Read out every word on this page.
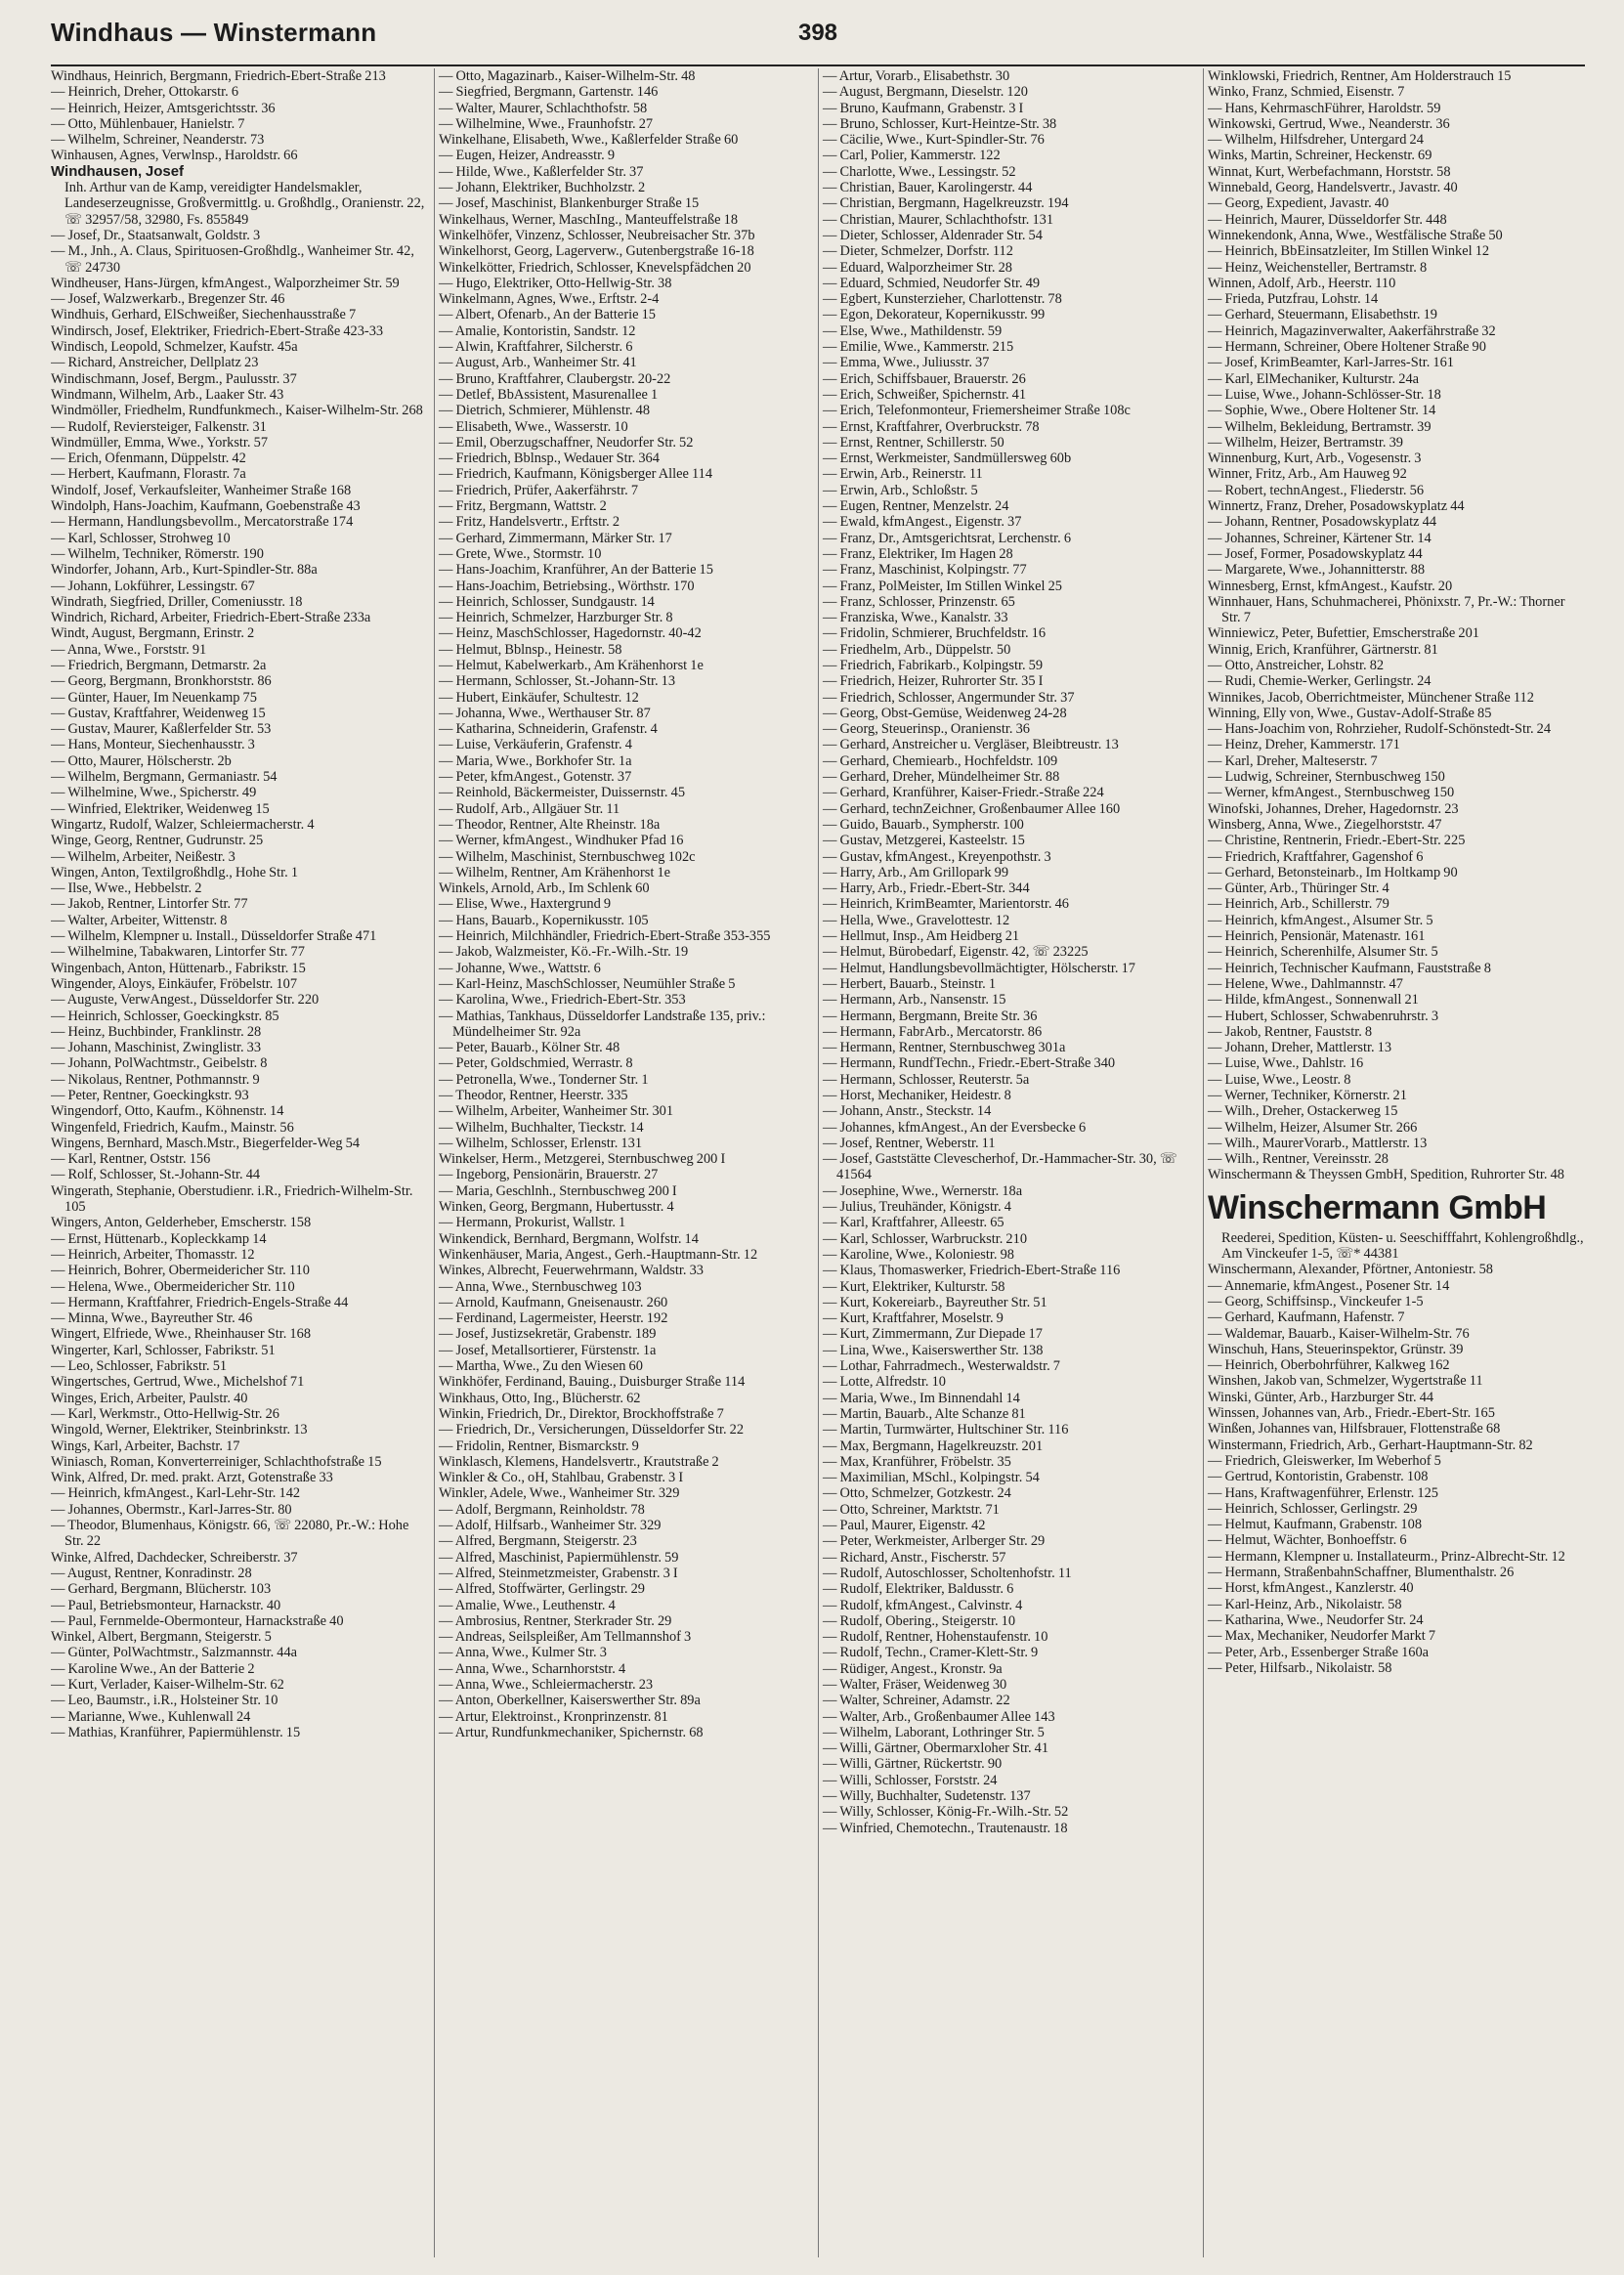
Windhaus — Winstermann	398

Windhaus, Heinrich, Bergmann, Friedrich-Ebert-Straße 213

— Heinrich, Dreher, Ottokarstr. 6

— Heinrich, Heizer, Amtsgerichtsstr. 36

— Otto, Mühlenbauer, Hanielstr. 7

— Wilhelm, Schreiner, Neanderstr. 73

Winhausen, Agnes, Verwlnsp., Haroldstr. 66

Windhausen, Josef

Inh. Arthur van de Kamp, vereidigter Handelsmakler, Landeserzeugnisse, Großvermittlg. u. Großhdlg., Oranienstr. 22, ☏ 32957/58, 32980, Fs. 855849

— Josef, Dr., Staatsanwalt, Goldstr. 3

— M., Jnh., A. Claus, Spirituosen-Großhdlg., Wanheimer Str. 42, ☏ 24730

Windheuser, Hans-Jürgen, kfmAngest., Walporzheimer Str. 59

— Josef, Walzwerkarb., Bregenzer Str. 46

Windhuis, Gerhard, ElSchweißer, Siechenhausstraße 7

Windirsch, Josef, Elektriker, Friedrich-Ebert-Straße 423-33

Windisch, Leopold, Schmelzer, Kaufstr. 45a

— Richard, Anstreicher, Dellplatz 23

Windischmann, Josef, Bergm., Paulusstr. 37

Windmann, Wilhelm, Arb., Laaker Str. 43

Windmöller, Friedhelm, Rundfunkmech., Kaiser-Wilhelm-Str. 268

— Rudolf, Reviersteiger, Falkenstr. 31

Windmüller, Emma, Wwe., Yorkstr. 57

— Erich, Ofenmann, Düppelstr. 42

— Herbert, Kaufmann, Florastr. 7a

Windolf, Josef, Verkaufsleiter, Wanheimer Straße 168

Windolph, Hans-Joachim, Kaufmann, Goebenstraße 43

— Hermann, Handlungsbevollm., Mercatorstraße 174

— Karl, Schlosser, Strohweg 10

— Wilhelm, Techniker, Römerstr. 190

Windorfer, Johann, Arb., Kurt-Spindler-Str. 88a

— Johann, Lokführer, Lessingstr. 67

Windrath, Siegfried, Driller, Comeniusstr. 18

Windrich, Richard, Arbeiter, Friedrich-Ebert-Straße 233a

Windt, August, Bergmann, Erinstr. 2

— Anna, Wwe., Forststr. 91

— Friedrich, Bergmann, Detmarstr. 2a

— Georg, Bergmann, Bronkhorststr. 86

— Günter, Hauer, Im Neuenkamp 75

— Gustav, Kraftfahrer, Weidenweg 15

— Gustav, Maurer, Kaßlerfelder Str. 53

— Hans, Monteur, Siechenhausstr. 3

— Otto, Maurer, Hölscherstr. 2b

— Wilhelm, Bergmann, Germaniastr. 54

— Wilhelmine, Wwe., Spicherstr. 49

— Winfried, Elektriker, Weidenweg 15

Wingartz, Rudolf, Walzer, Schleiermacherstr. 4

Winge, Georg, Rentner, Gudrunstr. 25

— Wilhelm, Arbeiter, Neißestr. 3

Wingen, Anton, Textilgroßhdlg., Hohe Str. 1

— Ilse, Wwe., Hebbelstr. 2

— Jakob, Rentner, Lintorfer Str. 77

— Walter, Arbeiter, Wittenstr. 8

— Wilhelm, Klempner u. Install., Düsseldorfer Straße 471

— Wilhelmine, Tabakwaren, Lintorfer Str. 77

Wingenbach, Anton, Hüttenarb., Fabrikstr. 15

Wingender, Aloys, Einkäufer, Fröbelstr. 107

— Auguste, VerwAngest., Düsseldorfer Str. 220

— Heinrich, Schlosser, Goeckingkstr. 85

— Heinz, Buchbinder, Franklinstr. 28

— Johann, Maschinist, Zwinglistr. 33

— Johann, PolWachtmstr., Geibelstr. 8

— Nikolaus, Rentner, Pothmannstr. 9

— Peter, Rentner, Goeckingkstr. 93

Wingendorf, Otto, Kaufm., Köhnenstr. 14

Wingenfeld, Friedrich, Kaufm., Mainstr. 56

Wingens, Bernhard, Masch.Mstr., Biegerfelder-Weg 54

— Karl, Rentner, Oststr. 156

— Rolf, Schlosser, St.-Johann-Str. 44

Wingerath, Stephanie, Oberstudienr. i.R., Friedrich-Wilhelm-Str. 105

Wingers, Anton, Gelderheber, Emscherstr. 158

— Ernst, Hüttenarb., Kopleckkamp 14

— Heinrich, Arbeiter, Thomasstr. 12

— Heinrich, Bohrer, Obermeidericher Str. 110

— Helena, Wwe., Obermeidericher Str. 110

— Hermann, Kraftfahrer, Friedrich-Engels-Straße 44

— Minna, Wwe., Bayreuther Str. 46

Wingert, Elfriede, Wwe., Rheinhauser Str. 168

Wingerter, Karl, Schlosser, Fabrikstr. 51

— Leo, Schlosser, Fabrikstr. 51

Wingertsches, Gertrud, Wwe., Michelshof 71

Winges, Erich, Arbeiter, Paulstr. 40

— Karl, Werkmstr., Otto-Hellwig-Str. 26

Wingold, Werner, Elektriker, Steinbrinkstr. 13

Wings, Karl, Arbeiter, Bachstr. 17

Winiasch, Roman, Konverterreiniger, Schlachthofstraße 15

Wink, Alfred, Dr. med. prakt. Arzt, Gotenstraße 33

— Heinrich, kfmAngest., Karl-Lehr-Str. 142

— Johannes, Obermstr., Karl-Jarres-Str. 80

— Theodor, Blumenhaus, Königstr. 66, ☏ 22080, Pr.-W.: Hohe Str. 22

Winke, Alfred, Dachdecker, Schreiberstr. 37

— August, Rentner, Konradinstr. 28

— Gerhard, Bergmann, Blücherstr. 103

— Paul, Betriebsmonteur, Harnackstr. 40

— Paul, Fernmelde-Obermonteur, Harnackstraße 40

Winkel, Albert, Bergmann, Steigerstr. 5

— Günter, PolWachtmstr., Salzmannstr. 44a

— Karoline Wwe., An der Batterie 2

— Kurt, Verlader, Kaiser-Wilhelm-Str. 62

— Leo, Baumstr., i.R., Holsteiner Str. 10

— Marianne, Wwe., Kuhlenwall 24

— Mathias, Kranführer, Papiermühlenstr. 15

— Otto, Magazinarb., Kaiser-Wilhelm-Str. 48

— Siegfried, Bergmann, Gartenstr. 146

— Walter, Maurer, Schlachthofstr. 58

— Wilhelmine, Wwe., Fraunhofstr. 27

Winkelhane, Elisabeth, Wwe., Kaßlerfelder Straße 60

— Eugen, Heizer, Andreasstr. 9

— Hilde, Wwe., Kaßlerfelder Str. 37

— Johann, Elektriker, Buchholzstr. 2

— Josef, Maschinist, Blankenburger Straße 15

Winkelhaus, Werner, MaschIng., Manteuffelstraße 18

Winkelhöfer, Vinzenz, Schlosser, Neubreisacher Str. 37b

Winkelhorst, Georg, Lagerverw., Gutenbergstraße 16-18

Winkelkötter, Friedrich, Schlosser, Knevelspfädchen 20

— Hugo, Elektriker, Otto-Hellwig-Str. 38

Winkelmann, Agnes, Wwe., Erftstr. 2-4

— Albert, Ofenarb., An der Batterie 15

— Amalie, Kontoristin, Sandstr. 12

— Alwin, Kraftfahrer, Silcherstr. 6

— August, Arb., Wanheimer Str. 41

— Bruno, Kraftfahrer, Claubergstr. 20-22

— Detlef, BbAssistent, Masurenallee 1

— Dietrich, Schmierer, Mühlenstr. 48

— Elisabeth, Wwe., Wasserstr. 10

— Emil, Oberzugschaffner, Neudorfer Str. 52

— Friedrich, Bblnsp., Wedauer Str. 364

— Friedrich, Kaufmann, Königsberger Allee 114

— Friedrich, Prüfer, Aakerfährstr. 7

— Fritz, Bergmann, Wattstr. 2

— Fritz, Handelsvertr., Erftstr. 2

— Gerhard, Zimmermann, Märker Str. 17

— Grete, Wwe., Stormstr. 10

— Hans-Joachim, Kranführer, An der Batterie 15

— Hans-Joachim, Betriebsing., Wörthstr. 170

— Heinrich, Schlosser, Sundgaustr. 14

— Heinrich, Schmelzer, Harzburger Str. 8

— Heinz, MaschSchlosser, Hagedornstr. 40-42

— Helmut, Bblnsp., Heinestr. 58

— Helmut, Kabelwerkarb., Am Krähenhorst 1e

— Hermann, Schlosser, St.-Johann-Str. 13

— Hubert, Einkäufer, Schultestr. 12

— Johanna, Wwe., Werthauser Str. 87

— Katharina, Schneiderin, Grafenstr. 4

— Luise, Verkäuferin, Grafenstr. 4

— Maria, Wwe., Borkhofer Str. 1a

— Peter, kfmAngest., Gotenstr. 37

— Reinhold, Bäckermeister, Duissernstr. 45

— Rudolf, Arb., Allgäuer Str. 11

— Theodor, Rentner, Alte Rheinstr. 18a

— Werner, kfmAngest., Windhuker Pfad 16

— Wilhelm, Maschinist, Sternbuschweg 102c

— Wilhelm, Rentner, Am Krähenhorst 1e

Winkels, Arnold, Arb., Im Schlenk 60

— Elise, Wwe., Haxtergrund 9

— Hans, Bauarb., Kopernikusstr. 105

— Heinrich, Milchhändler, Friedrich-Ebert-Straße 353-355

— Jakob, Walzmeister, Kö.-Fr.-Wilh.-Str. 19

— Johanne, Wwe., Wattstr. 6

— Karl-Heinz, MaschSchlosser, Neumühler Straße 5

— Karolina, Wwe., Friedrich-Ebert-Str. 353

— Mathias, Tankhaus, Düsseldorfer Landstraße 135, priv.: Mündelheimer Str. 92a

— Peter, Bauarb., Kölner Str. 48

— Peter, Goldschmied, Werrastr. 8

— Petronella, Wwe., Tonderner Str. 1

— Theodor, Rentner, Heerstr. 335

— Wilhelm, Arbeiter, Wanheimer Str. 301

— Wilhelm, Buchhalter, Tieckstr. 14

— Wilhelm, Schlosser, Erlenstr. 131

Winkelser, Herm., Metzgerei, Sternbuschweg 200 I

— Ingeborg, Pensionärin, Brauerstr. 27

— Maria, Geschlnh., Sternbuschweg 200 I

Winken, Georg, Bergmann, Hubertusstr. 4

— Hermann, Prokurist, Wallstr. 1

Winkendick, Bernhard, Bergmann, Wolfstr. 14

Winkenhäuser, Maria, Angest., Gerh.-Hauptmann-Str. 12

Winkes, Albrecht, Feuerwehrmann, Waldstr. 33

— Anna, Wwe., Sternbuschweg 103

— Arnold, Kaufmann, Gneisenaustr. 260

— Ferdinand, Lagermeister, Heerstr. 192

— Josef, Justizsekretär, Grabenstr. 189

— Josef, Metallsortierer, Fürstenstr. 1a

— Martha, Wwe., Zu den Wiesen 60

Winkhöfer, Ferdinand, Bauing., Duisburger Straße 114

Winkhaus, Otto, Ing., Blücherstr. 62

Winkin, Friedrich, Dr., Direktor, Brockhoffstraße 7

— Friedrich, Dr., Versicherungen, Düsseldorfer Str. 22

— Fridolin, Rentner, Bismarckstr. 9

Winklasch, Klemens, Handelsvertr., Krautstraße 2

Winkler & Co., oH, Stahlbau, Grabenstr. 3 I

Winkler, Adele, Wwe., Wanheimer Str. 329

— Adolf, Bergmann, Reinholdstr. 78

— Adolf, Hilfsarb., Wanheimer Str. 329

— Alfred, Bergmann, Steigerstr. 23

— Alfred, Maschinist, Papiermühlenstr. 59

— Alfred, Steinmetzmeister, Grabenstr. 3 I

— Alfred, Stoffwärter, Gerlingstr. 29

— Amalie, Wwe., Leuthenstr. 4

— Ambrosius, Rentner, Sterkrader Str. 29

— Andreas, Seilspleißer, Am Tellmannshof 3

— Anna, Wwe., Kulmer Str. 3

— Anna, Wwe., Scharnhorststr. 4

— Anna, Wwe., Schleiermacherstr. 23

— Anton, Oberkellner, Kaiserswerther Str. 89a

— Artur, Elektroinst., Kronprinzenstr. 81

— Artur, Rundfunkmechaniker, Spichernstr. 68

— Artur, Vorarb., Elisabethstr. 30

— August, Bergmann, Dieselstr. 120

— Bruno, Kaufmann, Grabenstr. 3 I

— Bruno, Schlosser, Kurt-Heintze-Str. 38

— Cäcilie, Wwe., Kurt-Spindler-Str. 76

— Carl, Polier, Kammerstr. 122

— Charlotte, Wwe., Lessingstr. 52

— Christian, Bauer, Karolingerstr. 44

— Christian, Bergmann, Hagelkreuzstr. 194

— Christian, Maurer, Schlachthofstr. 131

— Dieter, Schlosser, Aldenrader Str. 54

— Dieter, Schmelzer, Dorfstr. 112

— Eduard, Walporzheimer Str. 28

— Eduard, Schmied, Neudorfer Str. 49

— Egbert, Kunsterzieher, Charlottenstr. 78

— Egon, Dekorateur, Kopernikusstr. 99

— Else, Wwe., Mathildenstr. 59

— Emilie, Wwe., Kammerstr. 215

— Emma, Wwe., Juliusstr. 37

— Erich, Schiffsbauer, Brauerstr. 26

— Erich, Schweißer, Spichernstr. 41

— Erich, Telefonmonteur, Friemersheimer Straße 108c

— Ernst, Kraftfahrer, Overbruckstr. 78

— Ernst, Rentner, Schillerstr. 50

— Ernst, Werkmeister, Sandmüllersweg 60b

— Erwin, Arb., Reinerstr. 11

— Erwin, Arb., Schloßstr. 5

— Eugen, Rentner, Menzelstr. 24

— Ewald, kfmAngest., Eigenstr. 37

— Franz, Dr., Amtsgerichtsrat, Lerchenstr. 6

— Franz, Elektriker, Im Hagen 28

— Franz, Maschinist, Kolpingstr. 77

— Franz, PolMeister, Im Stillen Winkel 25

— Franz, Schlosser, Prinzenstr. 65

— Franziska, Wwe., Kanalstr. 33

— Fridolin, Schmierer, Bruchfeldstr. 16

— Friedhelm, Arb., Düppelstr. 50

— Friedrich, Fabrikarb., Kolpingstr. 59

— Friedrich, Heizer, Ruhrorter Str. 35 I

— Friedrich, Schlosser, Angermunder Str. 37

— Georg, Obst-Gemüse, Weidenweg 24-28

— Georg, Steuerinsp., Oranienstr. 36

— Gerhard, Anstreicher u. Vergläser, Bleibtreustr. 13

— Gerhard, Chemiearb., Hochfeldstr. 109

— Gerhard, Dreher, Mündelheimer Str. 88

— Gerhard, Kranführer, Kaiser-Friedr.-Straße 224

— Gerhard, technZeichner, Großenbaumer Allee 160

— Guido, Bauarb., Sympherstr. 100

— Gustav, Metzgerei, Kasteelstr. 15

— Gustav, kfmAngest., Kreyenpothstr. 3

— Harry, Arb., Am Grillopark 99

— Harry, Arb., Friedr.-Ebert-Str. 344

— Heinrich, KrimBeamter, Marientorstr. 46

— Hella, Wwe., Gravelottestr. 12

— Hellmut, Insp., Am Heidberg 21

— Helmut, Bürobedarf, Eigenstr. 42, ☏ 23225

— Helmut, Handlungsbevollmächtigter, Hölscherstr. 17

— Herbert, Bauarb., Steinstr. 1

— Hermann, Arb., Nansenstr. 15

— Hermann, Bergmann, Breite Str. 36

— Hermann, FabrArb., Mercatorstr. 86

— Hermann, Rentner, Sternbuschweg 301a

— Hermann, RundfTechn., Friedr.-Ebert-Straße 340

— Hermann, Schlosser, Reuterstr. 5a

— Horst, Mechaniker, Heidestr. 8

— Johann, Anstr., Steckstr. 14

— Johannes, kfmAngest., An der Eversbecke 6

— Josef, Rentner, Weberstr. 11

— Josef, Gaststätte Clevescherhof, Dr.-Hammacher-Str. 30, ☏ 41564

— Josephine, Wwe., Wernerstr. 18a

— Julius, Treuhänder, Königstr. 4

— Karl, Kraftfahrer, Alleestr. 65

— Karl, Schlosser, Warbruckstr. 210

— Karoline, Wwe., Koloniestr. 98

— Klaus, Thomaswerker, Friedrich-Ebert-Straße 116

— Kurt, Elektriker, Kulturstr. 58

— Kurt, Kokereiarb., Bayreuther Str. 51

— Kurt, Kraftfahrer, Moselstr. 9

— Kurt, Zimmermann, Zur Diepade 17

— Lina, Wwe., Kaiserswerther Str. 138

— Lothar, Fahrradmech., Westerwaldstr. 7

— Lotte, Alfredstr. 10

— Maria, Wwe., Im Binnendahl 14

— Martin, Bauarb., Alte Schanze 81

— Martin, Turmwärter, Hultschiner Str. 116

— Max, Bergmann, Hagelkreuzstr. 201

— Max, Kranführer, Fröbelstr. 35

— Maximilian, MSchl., Kolpingstr. 54

— Otto, Schmelzer, Gotzkestr. 24

— Otto, Schreiner, Marktstr. 71

— Paul, Maurer, Eigenstr. 42

— Peter, Werkmeister, Arlberger Str. 29

— Richard, Anstr., Fischerstr. 57

— Rudolf, Autoschlosser, Scholtenhofstr. 11

— Rudolf, Elektriker, Baldusstr. 6

— Rudolf, kfmAngest., Calvinstr. 4

— Rudolf, Obering., Steigerstr. 10

— Rudolf, Rentner, Hohenstaufenstr. 10

— Rudolf, Techn., Cramer-Klett-Str. 9

— Rüdiger, Angest., Kronstr. 9a

— Walter, Fräser, Weidenweg 30

— Walter, Schreiner, Adamstr. 22

— Walter, Arb., Großenbaumer Allee 143

— Wilhelm, Laborant, Lothringer Str. 5

— Willi, Gärtner, Obermarxloher Str. 41

— Willi, Gärtner, Rückertstr. 90

— Willi, Schlosser, Forststr. 24

— Willy, Buchhalter, Sudetenstr. 137

— Willy, Schlosser, König-Fr.-Wilh.-Str. 52

— Winfried, Chemotechn., Trautenaustr. 18

Winklowski, Friedrich, Rentner, Am Holderstrauch 15

Winko, Franz, Schmied, Eisenstr. 7

— Hans, KehrmaschFührer, Haroldstr. 59

Winkowski, Gertrud, Wwe., Neanderstr. 36

— Wilhelm, Hilfsdreher, Untergard 24

Winks, Martin, Schreiner, Heckenstr. 69

Winnat, Kurt, Werbefachmann, Horststr. 58

Winnebald, Georg, Handelsvertr., Javastr. 40

— Georg, Expedient, Javastr. 40

— Heinrich, Maurer, Düsseldorfer Str. 448

Winnekendonk, Anna, Wwe., Westfälische Straße 50

— Heinrich, BbEinsatzleiter, Im Stillen Winkel 12

— Heinz, Weichensteller, Bertramstr. 8

Winnen, Adolf, Arb., Heerstr. 110

— Frieda, Putzfrau, Lohstr. 14

— Gerhard, Steuermann, Elisabethstr. 19

— Heinrich, Magazinverwalter, Aakerfährstraße 32

— Hermann, Schreiner, Obere Holtener Straße 90

— Josef, KrimBeamter, Karl-Jarres-Str. 161

— Karl, ElMechaniker, Kulturstr. 24a

— Luise, Wwe., Johann-Schlösser-Str. 18

— Sophie, Wwe., Obere Holtener Str. 14

— Wilhelm, Bekleidung, Bertramstr. 39

— Wilhelm, Heizer, Bertramstr. 39

Winnenburg, Kurt, Arb., Vogesenstr. 3

Winner, Fritz, Arb., Am Hauweg 92

— Robert, technAngest., Fliederstr. 56

Winnertz, Franz, Dreher, Posadowskyplatz 44

— Johann, Rentner, Posadowskyplatz 44

— Johannes, Schreiner, Kärtener Str. 14

— Josef, Former, Posadowskyplatz 44

— Margarete, Wwe., Johannitterstr. 88

Winnesberg, Ernst, kfmAngest., Kaufstr. 20

Winnhauer, Hans, Schuhmacherei, Phönixstr. 7, Pr.-W.: Thorner Str. 7

Winniewicz, Peter, Bufettier, Emscherstraße 201

Winnig, Erich, Kranführer, Gärtnerstr. 81

— Otto, Anstreicher, Lohstr. 82

— Rudi, Chemie-Werker, Gerlingstr. 24

Winnikes, Jacob, Oberrichtmeister, Münchener Straße 112

Winning, Elly von, Wwe., Gustav-Adolf-Straße 85

— Hans-Joachim von, Rohrzieher, Rudolf-Schönstedt-Str. 24

— Heinz, Dreher, Kammerstr. 171

— Karl, Dreher, Malteserstr. 7

— Ludwig, Schreiner, Sternbuschweg 150

— Werner, kfmAngest., Sternbuschweg 150

Winofski, Johannes, Dreher, Hagedornstr. 23

Winsberg, Anna, Wwe., Ziegelhorststr. 47

— Christine, Rentnerin, Friedr.-Ebert-Str. 225

— Friedrich, Kraftfahrer, Gagenshof 6

— Gerhard, Betonsteinarb., Im Holtkamp 90

— Günter, Arb., Thüringer Str. 4

— Heinrich, Arb., Schillerstr. 79

— Heinrich, kfmAngest., Alsumer Str. 5

— Heinrich, Pensionär, Matenastr. 161

— Heinrich, Scherenhilfe, Alsumer Str. 5

— Heinrich, Technischer Kaufmann, Fauststraße 8

— Helene, Wwe., Dahlmannstr. 47

— Hilde, kfmAngest., Sonnenwall 21

— Hubert, Schlosser, Schwabenruhrstr. 3

— Jakob, Rentner, Fauststr. 8

— Johann, Dreher, Mattlerstr. 13

— Luise, Wwe., Dahlstr. 16

— Luise, Wwe., Leostr. 8

— Werner, Techniker, Körnerstr. 21

— Wilh., Dreher, Ostackerweg 15

— Wilhelm, Heizer, Alsumer Str. 266

— Wilh., MaurerVorarb., Mattlerstr. 13

— Wilh., Rentner, Vereinsstr. 28

Winschermann & Theyssen GmbH, Spedition, Ruhrorter Str. 48

Winschermann GmbH

Reederei, Spedition, Küsten- u. Seeschifffahrt, Kohlengroßhdlg., Am Vinckeufer 1-5, ☏* 44381

Winschermann, Alexander, Pförtner, Antoniestr. 58

— Annemarie, kfmAngest., Posener Str. 14

— Georg, Schiffsinsp., Vinckeufer 1-5

— Gerhard, Kaufmann, Hafenstr. 7

— Waldemar, Bauarb., Kaiser-Wilhelm-Str. 76

Winschuh, Hans, Steuerinspektor, Grünstr. 39

— Heinrich, Oberbohrführer, Kalkweg 162

Winshen, Jakob van, Schmelzer, Wygertstraße 11

Winski, Günter, Arb., Harzburger Str. 44

Winssen, Johannes van, Arb., Friedr.-Ebert-Str. 165

Winßen, Johannes van, Hilfsbrauer, Flottenstraße 68

Winstermann, Friedrich, Arb., Gerhart-Hauptmann-Str. 82

— Friedrich, Gleiswerker, Im Weberhof 5

— Gertrud, Kontoristin, Grabenstr. 108

— Hans, Kraftwagenführer, Erlenstr. 125

— Heinrich, Schlosser, Gerlingstr. 29

— Helmut, Kaufmann, Grabenstr. 108

— Helmut, Wächter, Bonhoeffstr. 6

— Hermann, Klempner u. Installateurm., Prinz-Albrecht-Str. 12

— Hermann, StraßenbahnSchaffner, Blumenthalstr. 26

— Horst, kfmAngest., Kanzlerstr. 40

— Karl-Heinz, Arb., Nikolaistr. 58

— Katharina, Wwe., Neudorfer Str. 24

— Max, Mechaniker, Neudorfer Markt 7

— Peter, Arb., Essenberger Straße 160a

— Peter, Hilfsarb., Nikolaistr. 58
